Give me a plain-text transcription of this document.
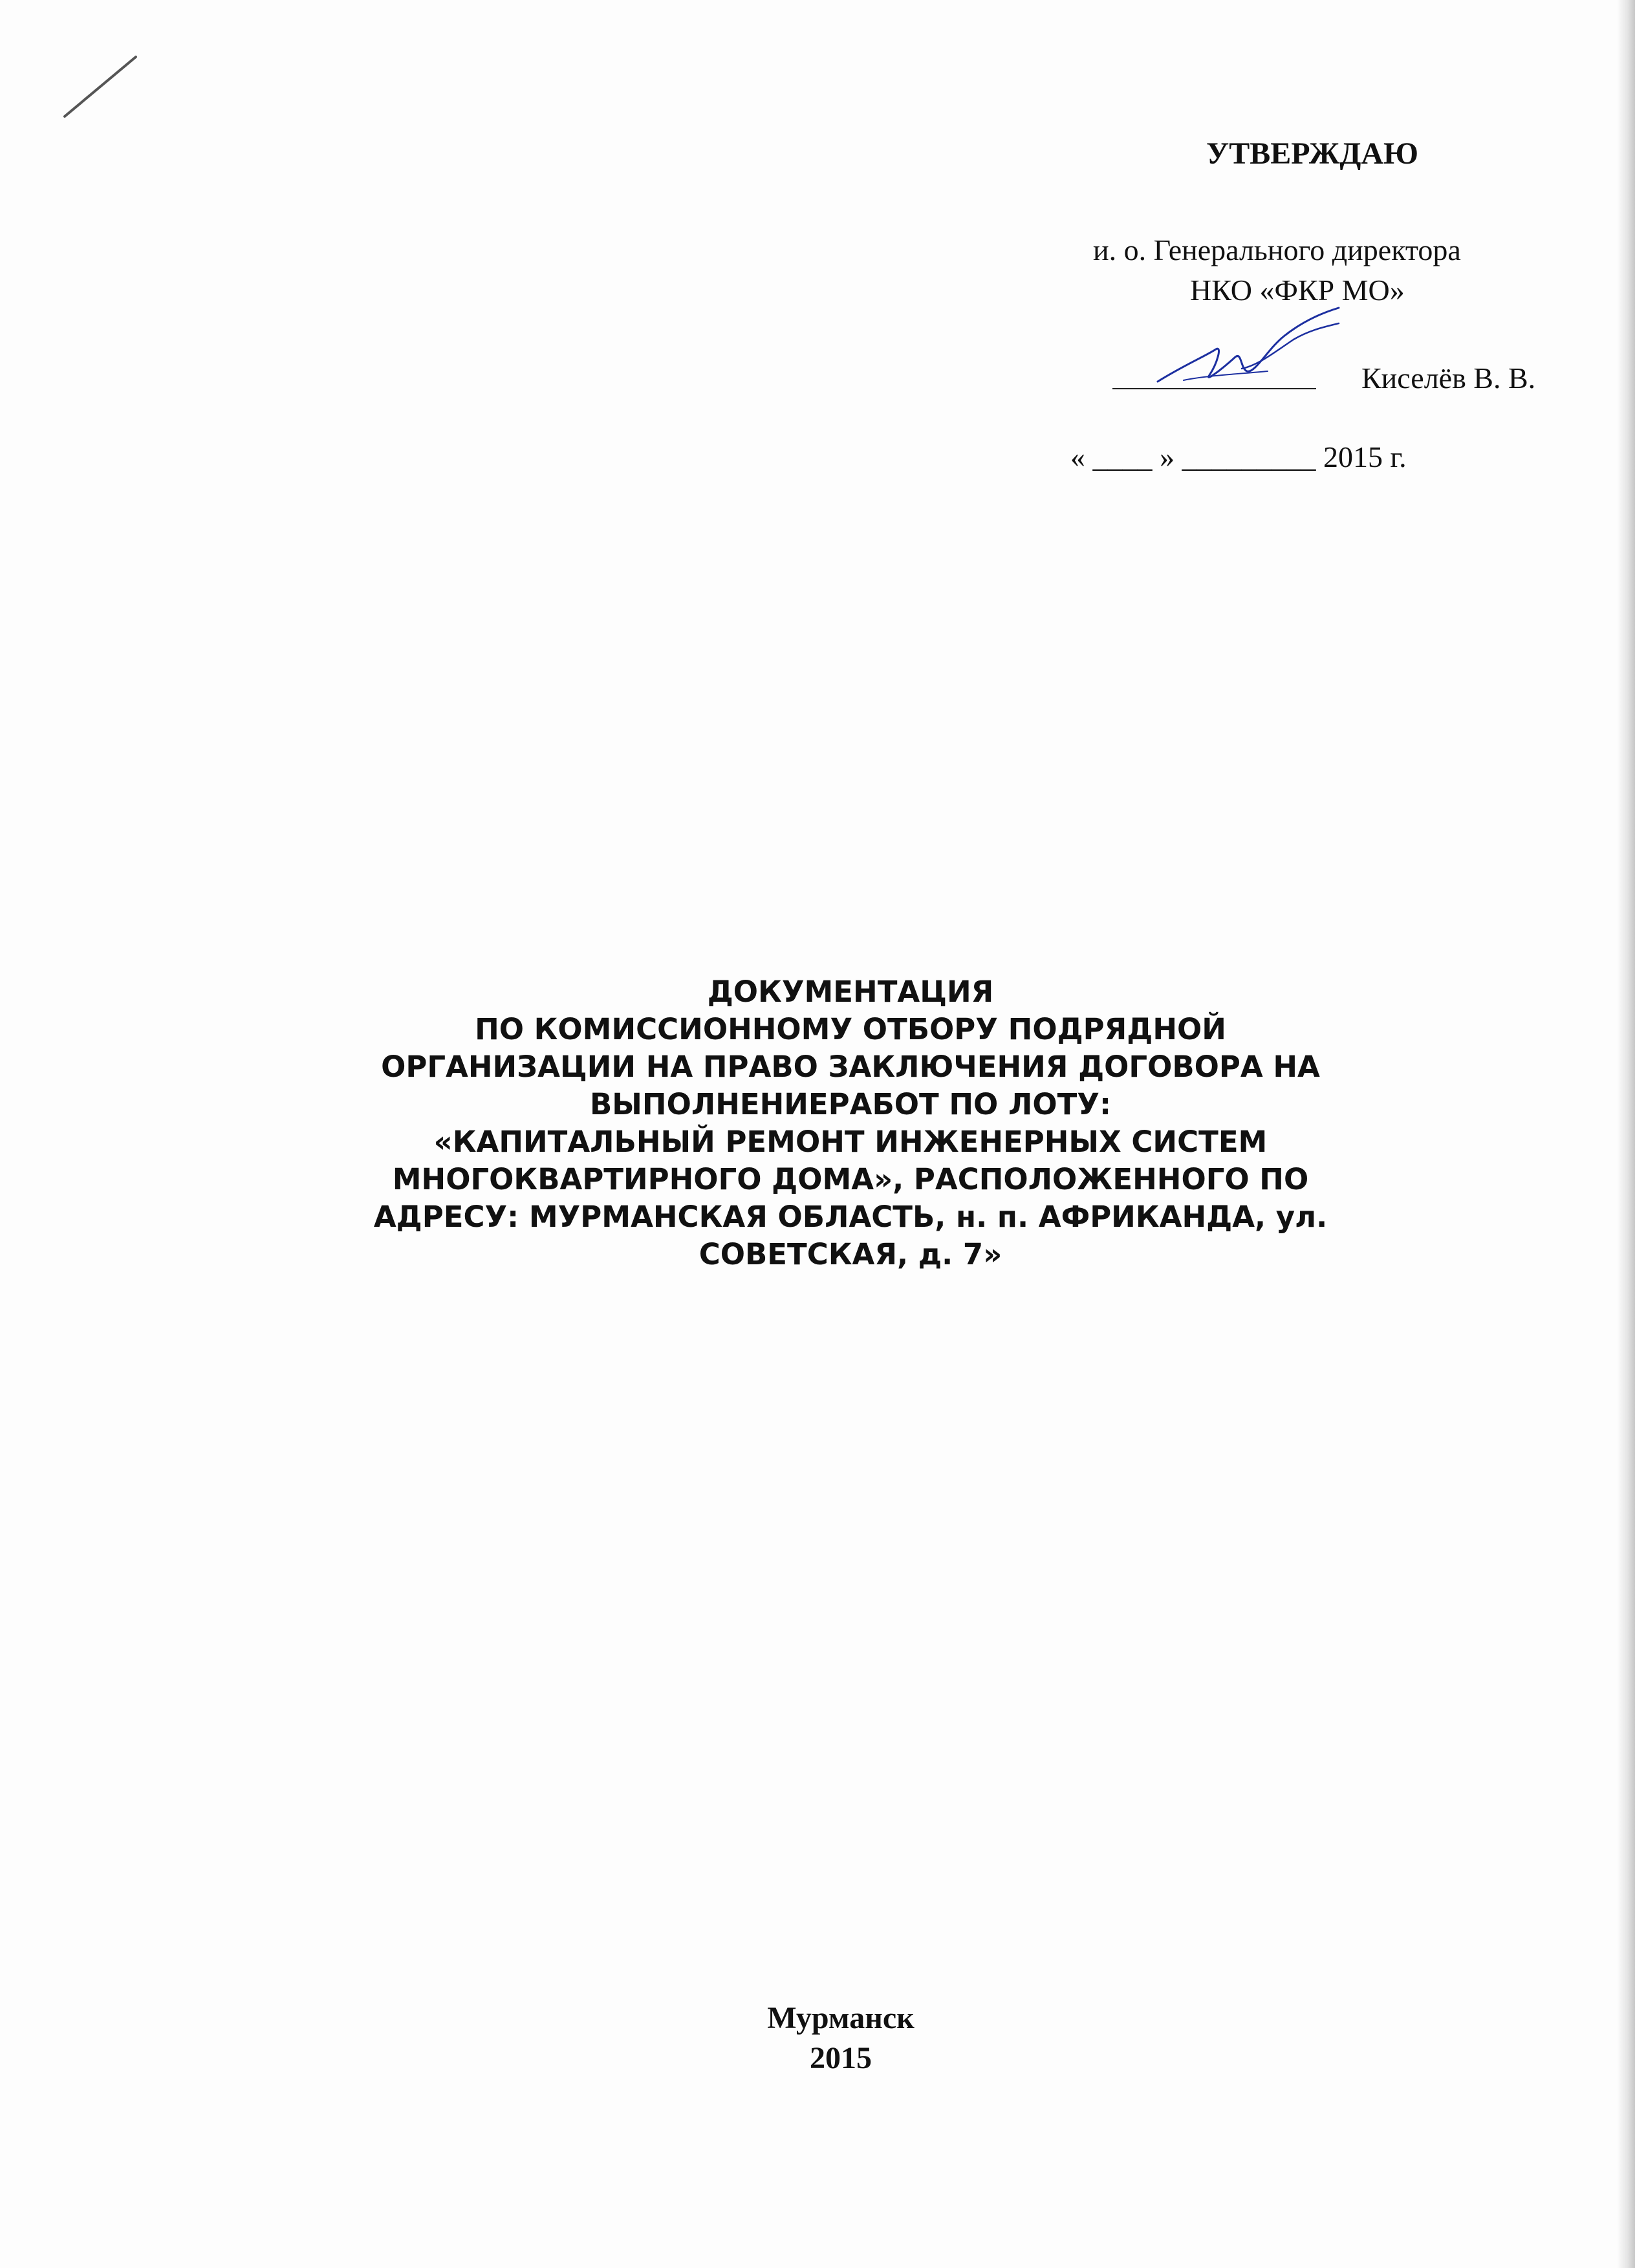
УТВЕРЖДАЮ
и. о. Генерального директора
НКО «ФКР МО»
Киселёв В. В.
« ____ » _________ 2015 г.
ДОКУМЕНТАЦИЯ
ПО КОМИССИОННОМУ ОТБОРУ ПОДРЯДНОЙ
ОРГАНИЗАЦИИ НА ПРАВО ЗАКЛЮЧЕНИЯ ДОГОВОРА НА
ВЫПОЛНЕНИЕРАБОТ ПО ЛОТУ:
«КАПИТАЛЬНЫЙ РЕМОНТ ИНЖЕНЕРНЫХ СИСТЕМ
МНОГОКВАРТИРНОГО ДОМА», РАСПОЛОЖЕННОГО ПО
АДРЕСУ: МУРМАНСКАЯ ОБЛАСТЬ, н. п. АФРИКАНДА, ул.
СОВЕТСКАЯ, д. 7»
Мурманск
2015
